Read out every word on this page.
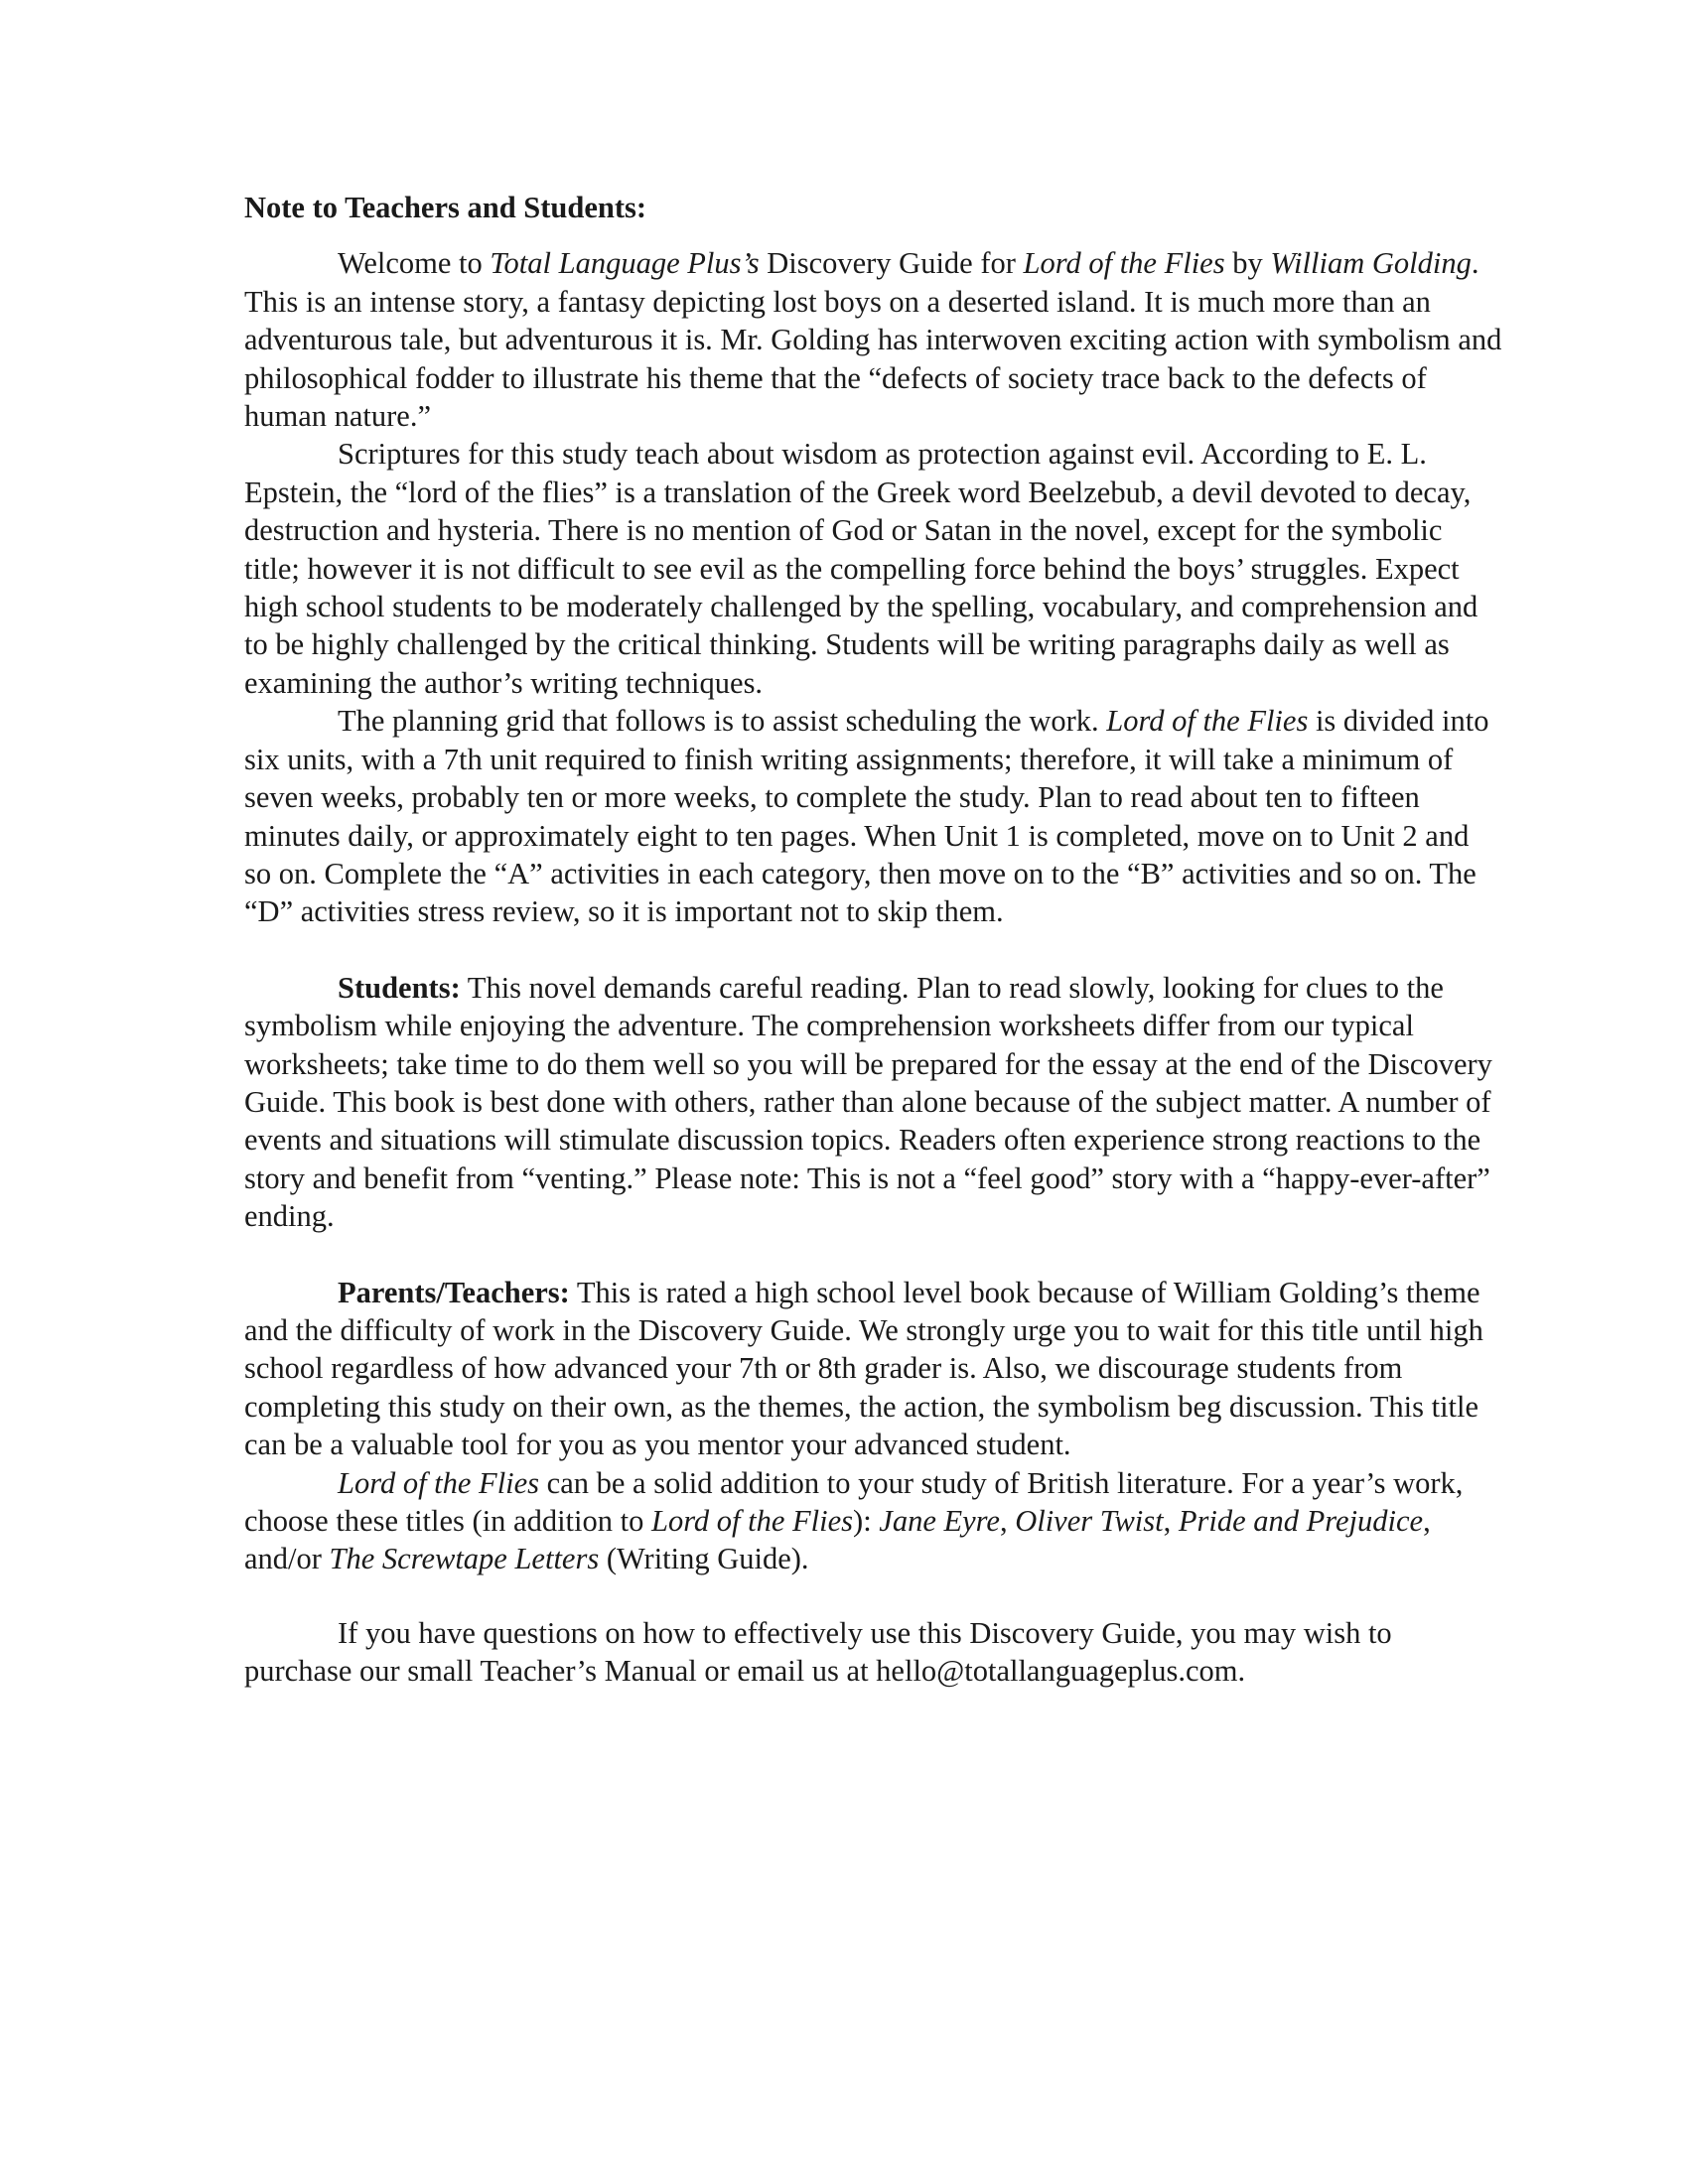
Note to Teachers and Students:

Welcome to Total Language Plus’s Discovery Guide for Lord of the Flies by William Golding. This is an intense story, a fantasy depicting lost boys on a deserted island. It is much more than an adventurous tale, but adventurous it is. Mr. Golding has interwoven exciting action with symbolism and philosophical fodder to illustrate his theme that the “defects of society trace back to the defects of human nature.”

Scriptures for this study teach about wisdom as protection against evil. According to E. L. Epstein, the “lord of the flies” is a translation of the Greek word Beelzebub, a devil devoted to decay, destruction and hysteria. There is no mention of God or Satan in the novel, except for the symbolic title; however it is not difficult to see evil as the compelling force behind the boys’ struggles. Expect high school students to be moderately challenged by the spelling, vocabulary, and comprehension and to be highly challenged by the critical thinking. Students will be writing paragraphs daily as well as examining the author’s writing techniques.

The planning grid that follows is to assist scheduling the work. Lord of the Flies is divided into six units, with a 7th unit required to finish writing assignments; therefore, it will take a minimum of seven weeks, probably ten or more weeks, to complete the study. Plan to read about ten to fifteen minutes daily, or approximately eight to ten pages. When Unit 1 is completed, move on to Unit 2 and so on. Complete the “A” activities in each category, then move on to the “B” activities and so on. The “D” activities stress review, so it is important not to skip them.

Students: This novel demands careful reading. Plan to read slowly, looking for clues to the symbolism while enjoying the adventure. The comprehension worksheets differ from our typical worksheets; take time to do them well so you will be prepared for the essay at the end of the Discovery Guide. This book is best done with others, rather than alone because of the subject matter. A number of events and situations will stimulate discussion topics. Readers often experience strong reactions to the story and benefit from “venting.” Please note: This is not a “feel good” story with a “happy-ever-after” ending.

Parents/Teachers: This is rated a high school level book because of William Golding’s theme and the difficulty of work in the Discovery Guide. We strongly urge you to wait for this title until high school regardless of how advanced your 7th or 8th grader is. Also, we discourage students from completing this study on their own, as the themes, the action, the symbolism beg discussion. This title can be a valuable tool for you as you mentor your advanced student.

Lord of the Flies can be a solid addition to your study of British literature. For a year’s work, choose these titles (in addition to Lord of the Flies): Jane Eyre, Oliver Twist, Pride and Prejudice, and/or The Screwtape Letters (Writing Guide).

If you have questions on how to effectively use this Discovery Guide, you may wish to purchase our small Teacher’s Manual or email us at hello@totallanguageplus.com.
